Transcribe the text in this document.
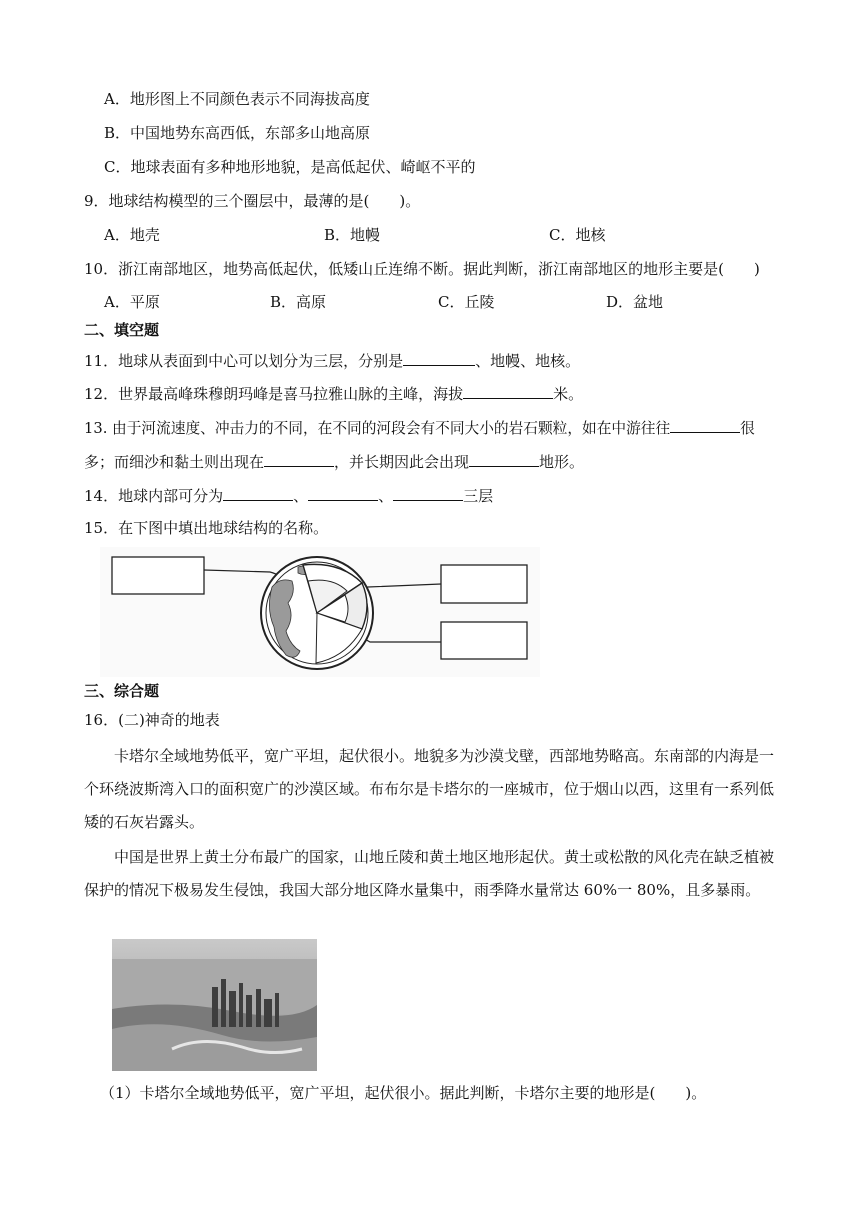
A．地形图上不同颜色表示不同海拔高度
B．中国地势东高西低，东部多山地高原
C．地球表面有多种地形地貌，是高低起伏、崎岖不平的
9．地球结构模型的三个圈层中，最薄的是(　　)。
A．地壳	B．地幔	C．地核
10．浙江南部地区，地势高低起伏，低矮山丘连绵不断。据此判断，浙江南部地区的地形主要是(　　)
A．平原	B．高原	C．丘陵	D．盆地
二、填空题
11．地球从表面到中心可以划分为三层，分别是	、地幔、地核。
12．世界最高峰珠穆朗玛峰是喜马拉雅山脉的主峰，海拔	米。
13. 由于河流速度、冲击力的不同，在不同的河段会有不同大小的岩石颗粒，如在中游往往	很
多；而细沙和黏土则出现在	，并长期因此会出现	地形。
14．地球内部可分为	、	、	三层
15．在下图中填出地球结构的名称。
三、综合题
16．(二)神奇的地表
卡塔尔全域地势低平，宽广平坦，起伏很小。地貌多为沙漠戈壁，西部地势略高。东南部的内海是一个环绕波斯湾入口的面积宽广的沙漠区域。布布尔是卡塔尔的一座城市，位于烟山以西，这里有一系列低矮的石灰岩露头。
中国是世界上黄土分布最广的国家，山地丘陵和黄土地区地形起伏。黄土或松散的风化壳在缺乏植被保护的情况下极易发生侵蚀，我国大部分地区降水量集中，雨季降水量常达 60%一 80%，且多暴雨。
（1）卡塔尔全域地势低平，宽广平坦，起伏很小。据此判断，卡塔尔主要的地形是(　　)。
